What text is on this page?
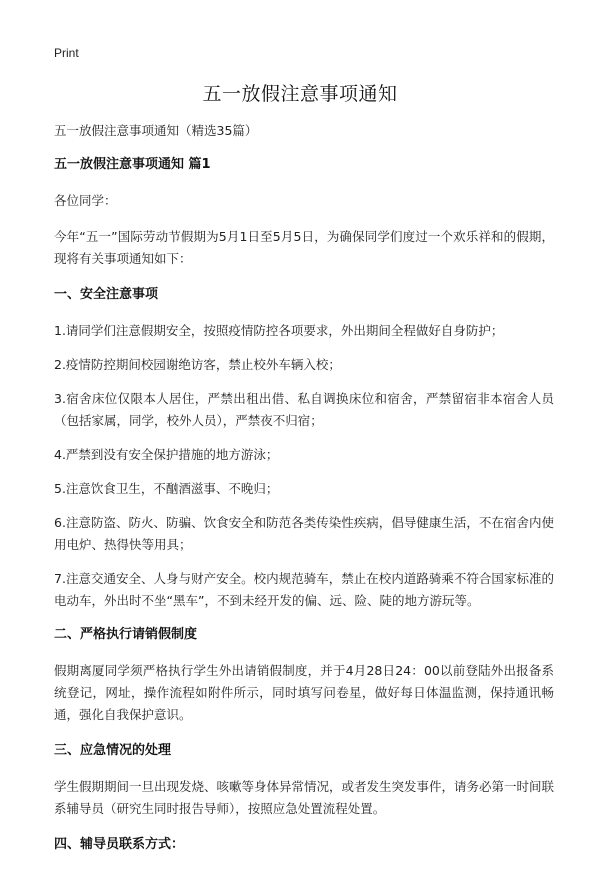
Print
五一放假注意事项通知

五一放假注意事项通知（精选35篇）

五一放假注意事项通知 篇1

各位同学：

今年“五一”国际劳动节假期为5月1日至5月5日，为确保同学们度过一个欢乐祥和的假期，现将有关事项通知如下：

一、安全注意事项

1.请同学们注意假期安全，按照疫情防控各项要求，外出期间全程做好自身防护；

2.疫情防控期间校园谢绝访客，禁止校外车辆入校；

3.宿舍床位仅限本人居住，严禁出租出借、私自调换床位和宿舍，严禁留宿非本宿舍人员（包括家属，同学，校外人员），严禁夜不归宿；

4.严禁到没有安全保护措施的地方游泳；

5.注意饮食卫生，不酗酒滋事、不晚归；

6.注意防盗、防火、防骗、饮食安全和防范各类传染性疾病，倡导健康生活，不在宿舍内使用电炉、热得快等用具；

7.注意交通安全、人身与财产安全。校内规范骑车，禁止在校内道路骑乘不符合国家标准的电动车，外出时不坐“黑车”，不到未经开发的偏、远、险、陡的地方游玩等。

二、严格执行请销假制度

假期离厦同学须严格执行学生外出请销假制度，并于4月28日24：00以前登陆外出报备系统登记，网址，操作流程如附件所示，同时填写问卷星，做好每日体温监测，保持通讯畅通，强化自我保护意识。

三、应急情况的处理

学生假期期间一旦出现发烧、咳嗽等身体异常情况，或者发生突发事件，请务必第一时间联系辅导员（研究生同时报告导师），按照应急处置流程处置。

四、辅导员联系方式：
